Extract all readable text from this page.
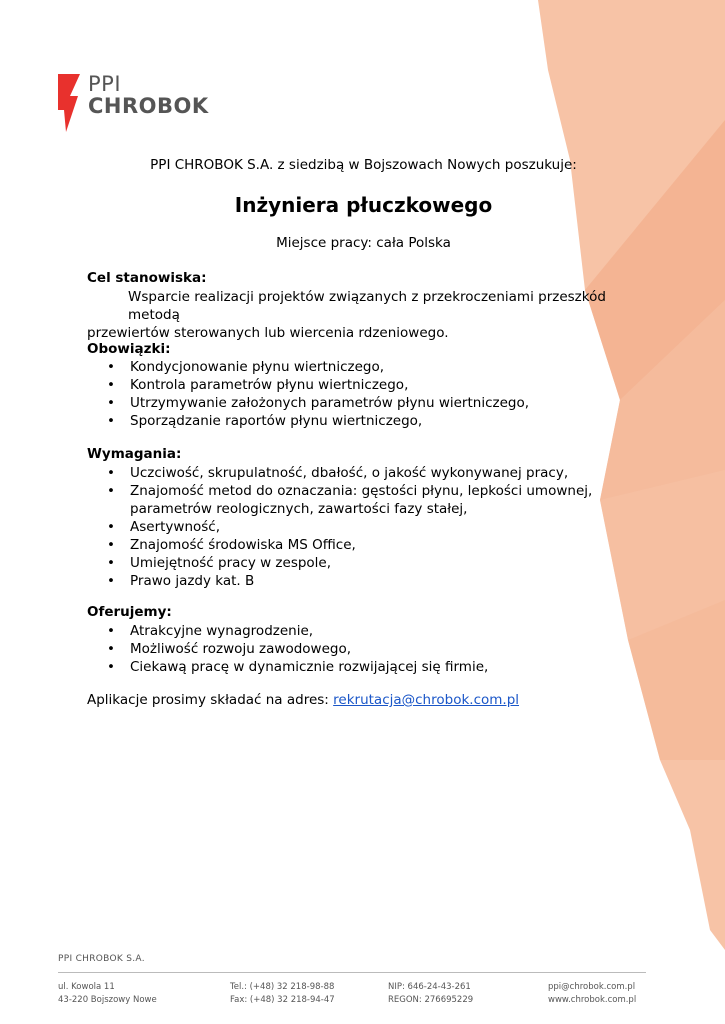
PPI
CHROBOK
PPI CHROBOK S.A. z siedzibą w Bojszowach Nowych poszukuje:
Inżyniera płuczkowego
Miejsce pracy: cała Polska
Cel stanowiska:
Wsparcie realizacji projektów związanych z przekroczeniami przeszkód metodą
przewiertów sterowanych lub wiercenia rdzeniowego.
Obowiązki:
• Kondycjonowanie płynu wiertniczego,
• Kontrola parametrów płynu wiertniczego,
• Utrzymywanie założonych parametrów płynu wiertniczego,
• Sporządzanie raportów płynu wiertniczego,
Wymagania:
• Uczciwość, skrupulatność, dbałość, o jakość wykonywanej pracy,
• Znajomość metod do oznaczania: gęstości płynu, lepkości umownej,
parametrów reologicznych, zawartości fazy stałej,
• Asertywność,
• Znajomość środowiska MS Office,
• Umiejętność pracy w zespole,
• Prawo jazdy kat. B
Oferujemy:
• Atrakcyjne wynagrodzenie,
• Możliwość rozwoju zawodowego,
• Ciekawą pracę w dynamicznie rozwijającej się firmie,
Aplikacje prosimy składać na adres: rekrutacja@chrobok.com.pl
PPI CHROBOK S.A.
ul. Kowola 11
43-220 Bojszowy Nowe
Tel.: (+48) 32 218-98-88
Fax: (+48) 32 218-94-47
NIP: 646-24-43-261
REGON: 276695229
ppi@chrobok.com.pl
www.chrobok.com.pl
